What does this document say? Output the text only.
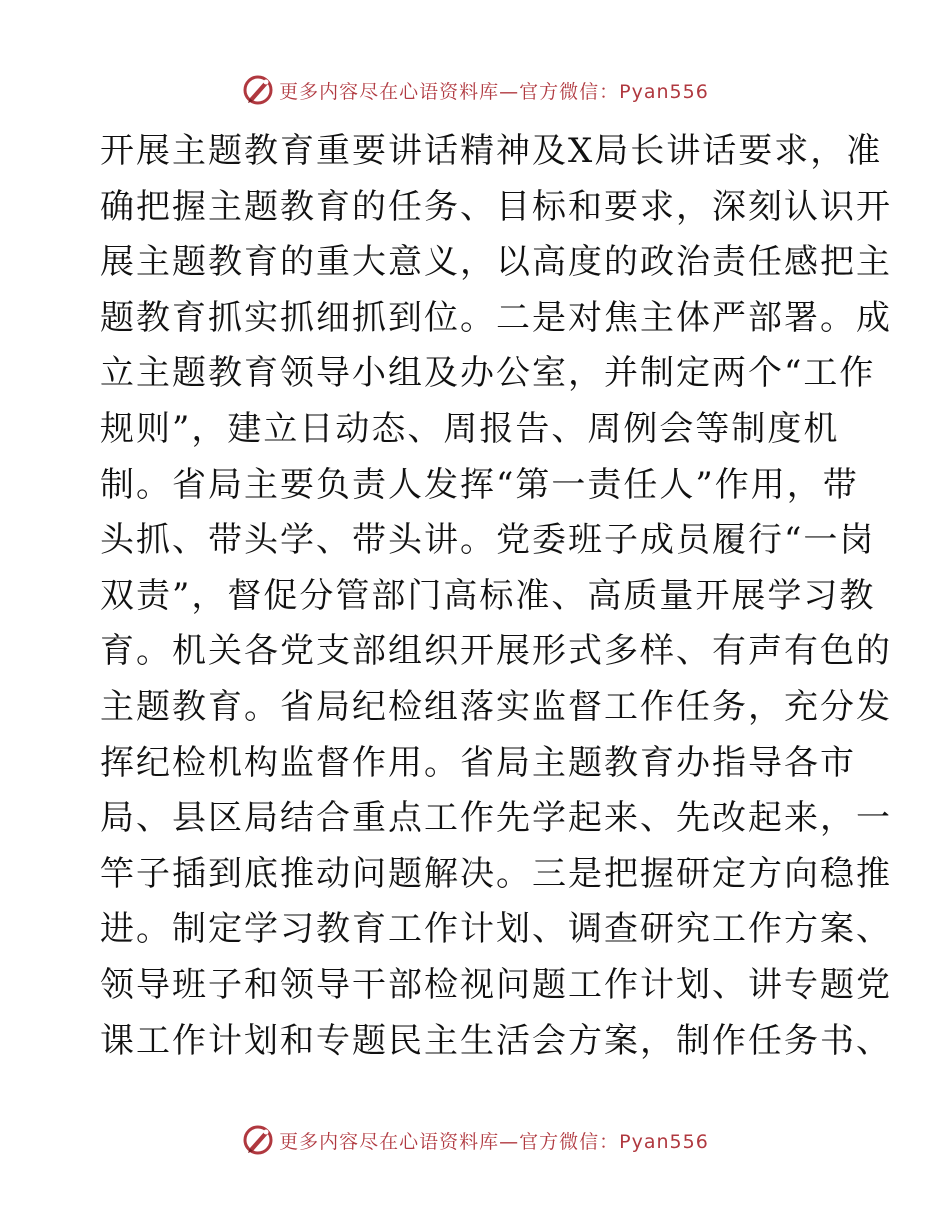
更多内容尽在心语资料库—官方微信：Pyan556
开展主题教育重要讲话精神及X局长讲话要求，准
确把握主题教育的任务、目标和要求，深刻认识开
展主题教育的重大意义，以高度的政治责任感把主
题教育抓实抓细抓到位。二是对焦主体严部署。成
立主题教育领导小组及办公室，并制定两个“工作
规则”，建立日动态、周报告、周例会等制度机
制。省局主要负责人发挥“第一责任人”作用，带
头抓、带头学、带头讲。党委班子成员履行“一岗
双责”，督促分管部门高标准、高质量开展学习教
育。机关各党支部组织开展形式多样、有声有色的
主题教育。省局纪检组落实监督工作任务，充分发
挥纪检机构监督作用。省局主题教育办指导各市
局、县区局结合重点工作先学起来、先改起来，一
竿子插到底推动问题解决。三是把握研定方向稳推
进。制定学习教育工作计划、调查研究工作方案、
领导班子和领导干部检视问题工作计划、讲专题党
课工作计划和专题民主生活会方案，制作任务书、
更多内容尽在心语资料库—官方微信：Pyan556
